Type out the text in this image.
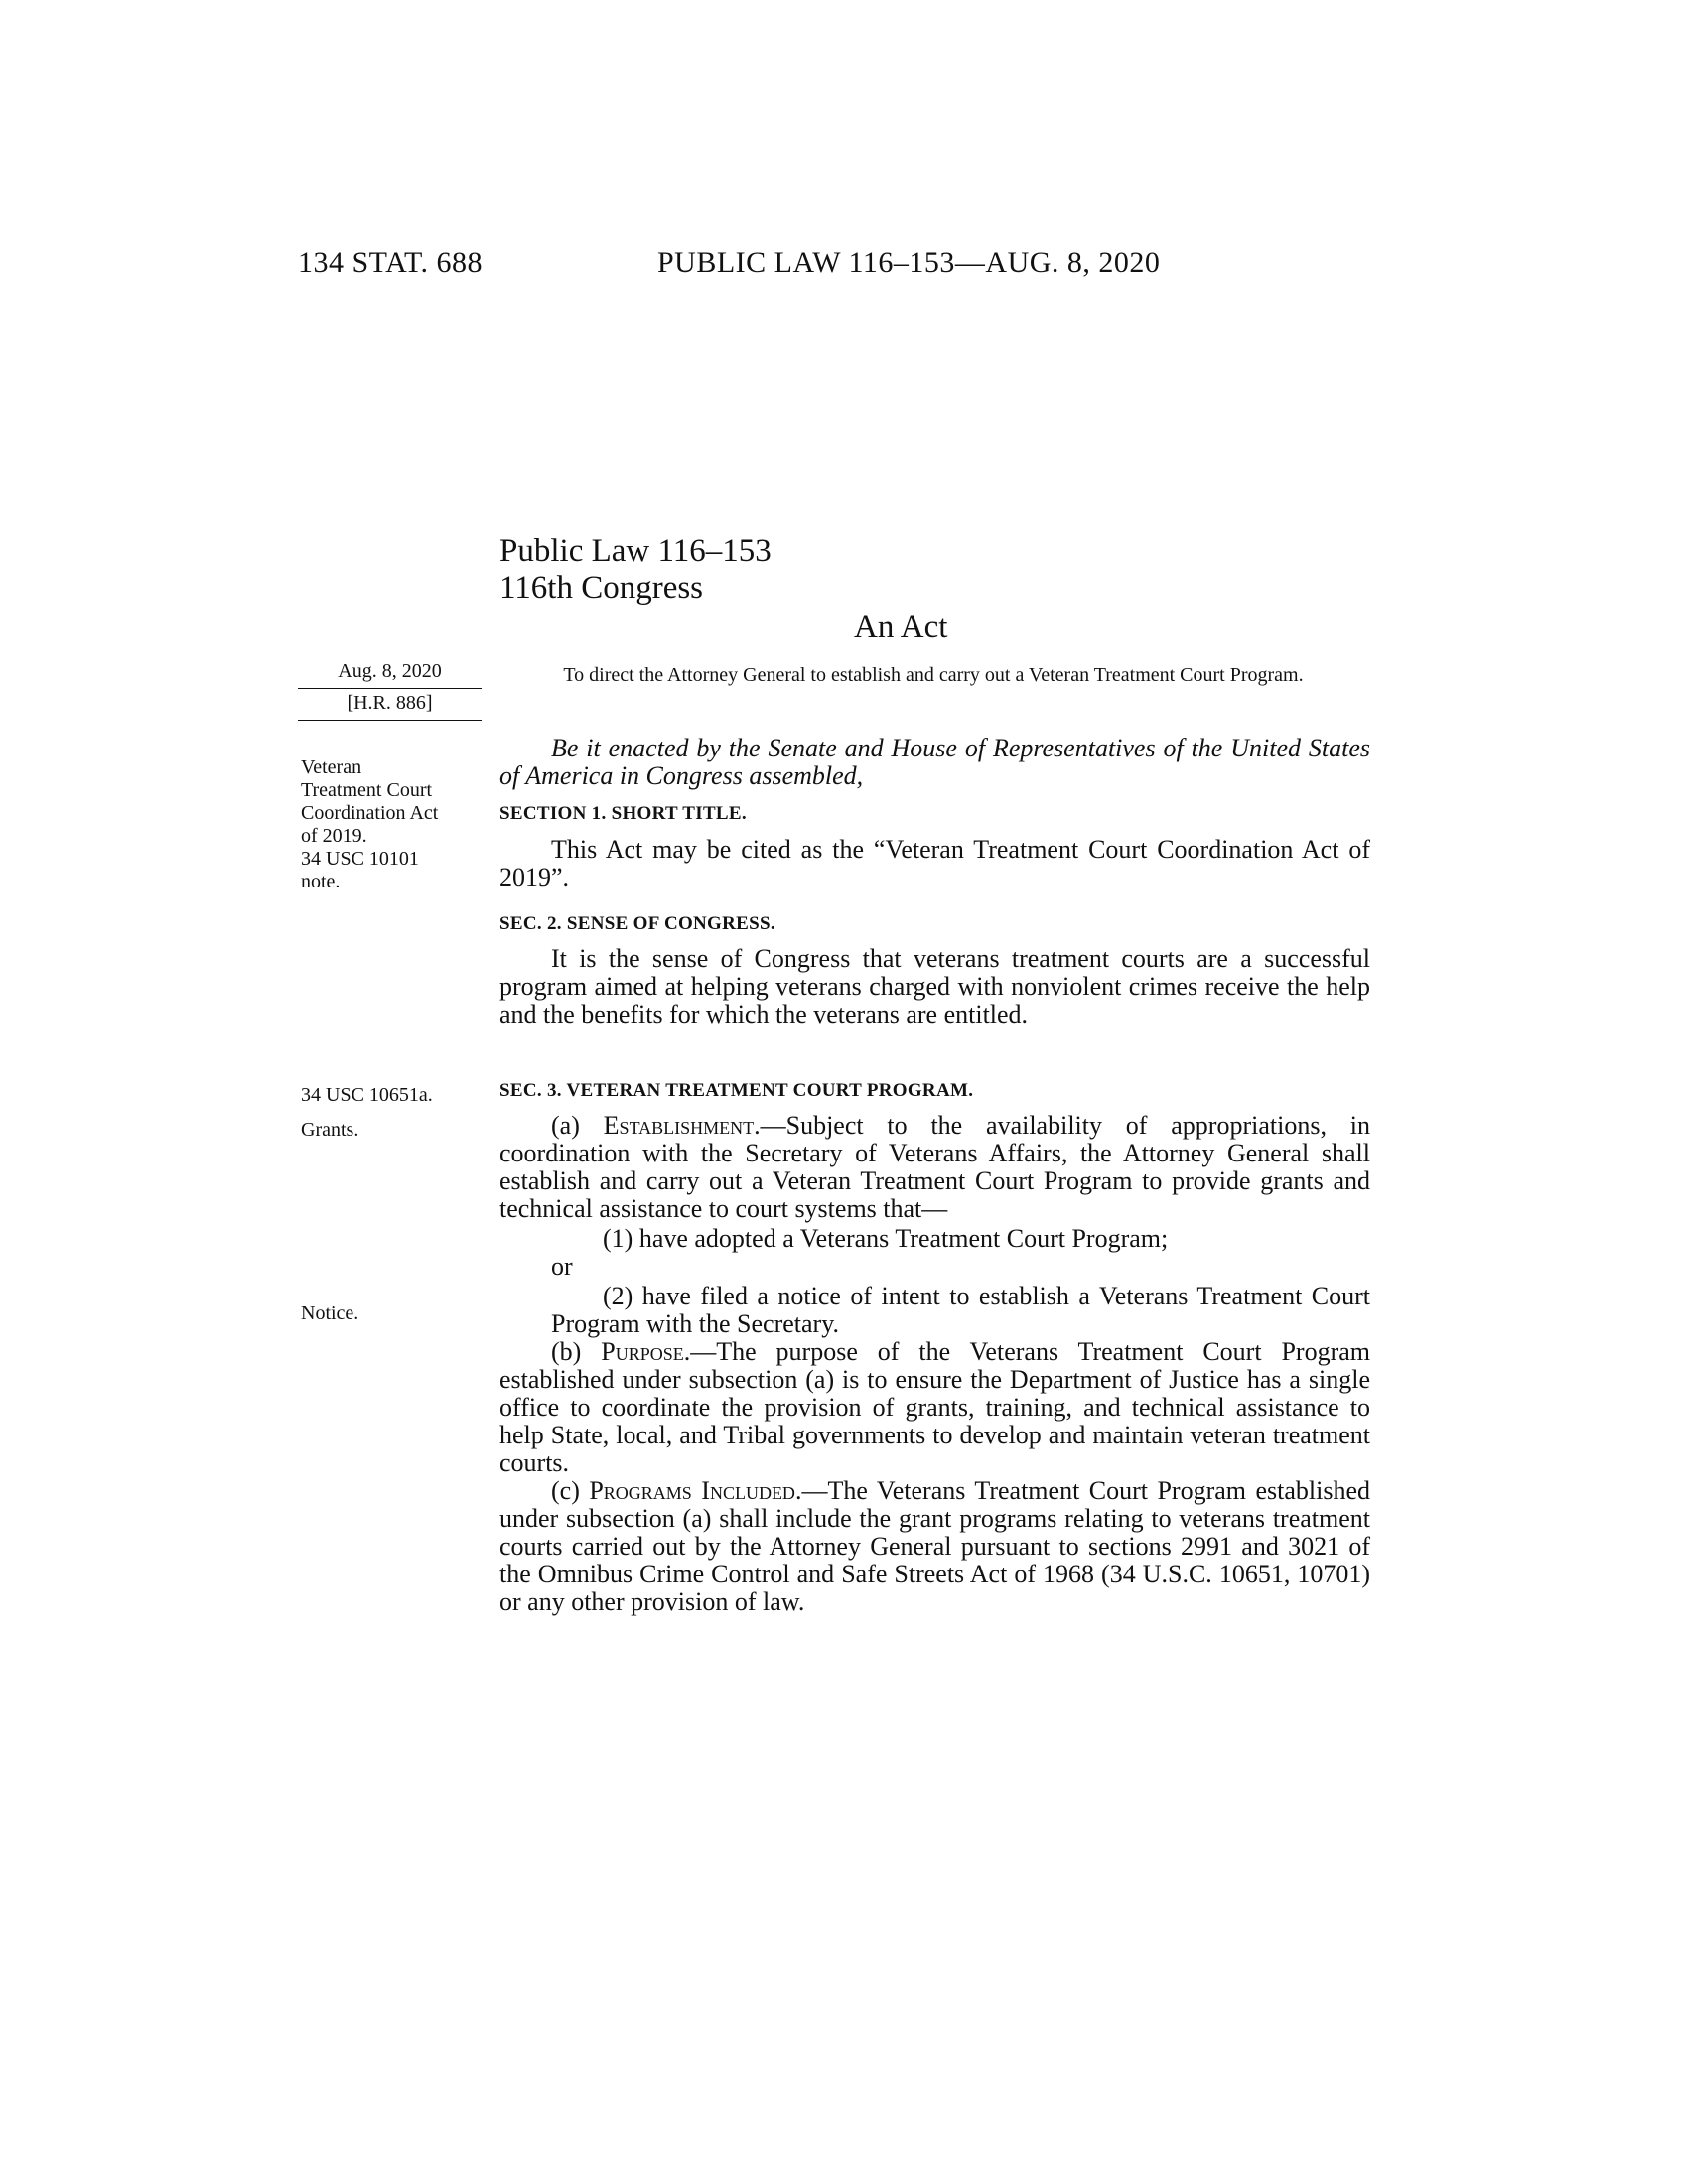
134 STAT. 688	PUBLIC LAW 116–153—AUG. 8, 2020
Public Law 116–153
116th Congress
An Act
Aug. 8, 2020
[H.R. 886]
To direct the Attorney General to establish and carry out a Veteran Treatment Court Program.

Veteran

Treatment Court

Coordination Act

of 2019.

34 USC 10101

note.

34 USC 10651a.
Grants.
Notice.

Be it enacted by the Senate and House of Representatives of the United States of America in Congress assembled,

SECTION 1. SHORT TITLE.

This Act may be cited as the “Veteran Treatment Court Coordination Act of 2019”.

SEC. 2. SENSE OF CONGRESS.

It is the sense of Congress that veterans treatment courts are a successful program aimed at helping veterans charged with nonviolent crimes receive the help and the benefits for which the veterans are entitled.

SEC. 3. VETERAN TREATMENT COURT PROGRAM.

(a) Establishment.—Subject to the availability of appropriations, in coordination with the Secretary of Veterans Affairs, the Attorney General shall establish and carry out a Veteran Treatment Court Program to provide grants and technical assistance to court systems that—

(1) have adopted a Veterans Treatment Court Program;

or

(2) have filed a notice of intent to establish a Veterans Treatment Court Program with the Secretary.

(b) Purpose.—The purpose of the Veterans Treatment Court Program established under subsection (a) is to ensure the Department of Justice has a single office to coordinate the provision of grants, training, and technical assistance to help State, local, and Tribal governments to develop and maintain veteran treatment courts.

(c) Programs Included.—The Veterans Treatment Court Program established under subsection (a) shall include the grant programs relating to veterans treatment courts carried out by the Attorney General pursuant to sections 2991 and 3021 of the Omnibus Crime Control and Safe Streets Act of 1968 (34 U.S.C. 10651, 10701) or any other provision of law.
